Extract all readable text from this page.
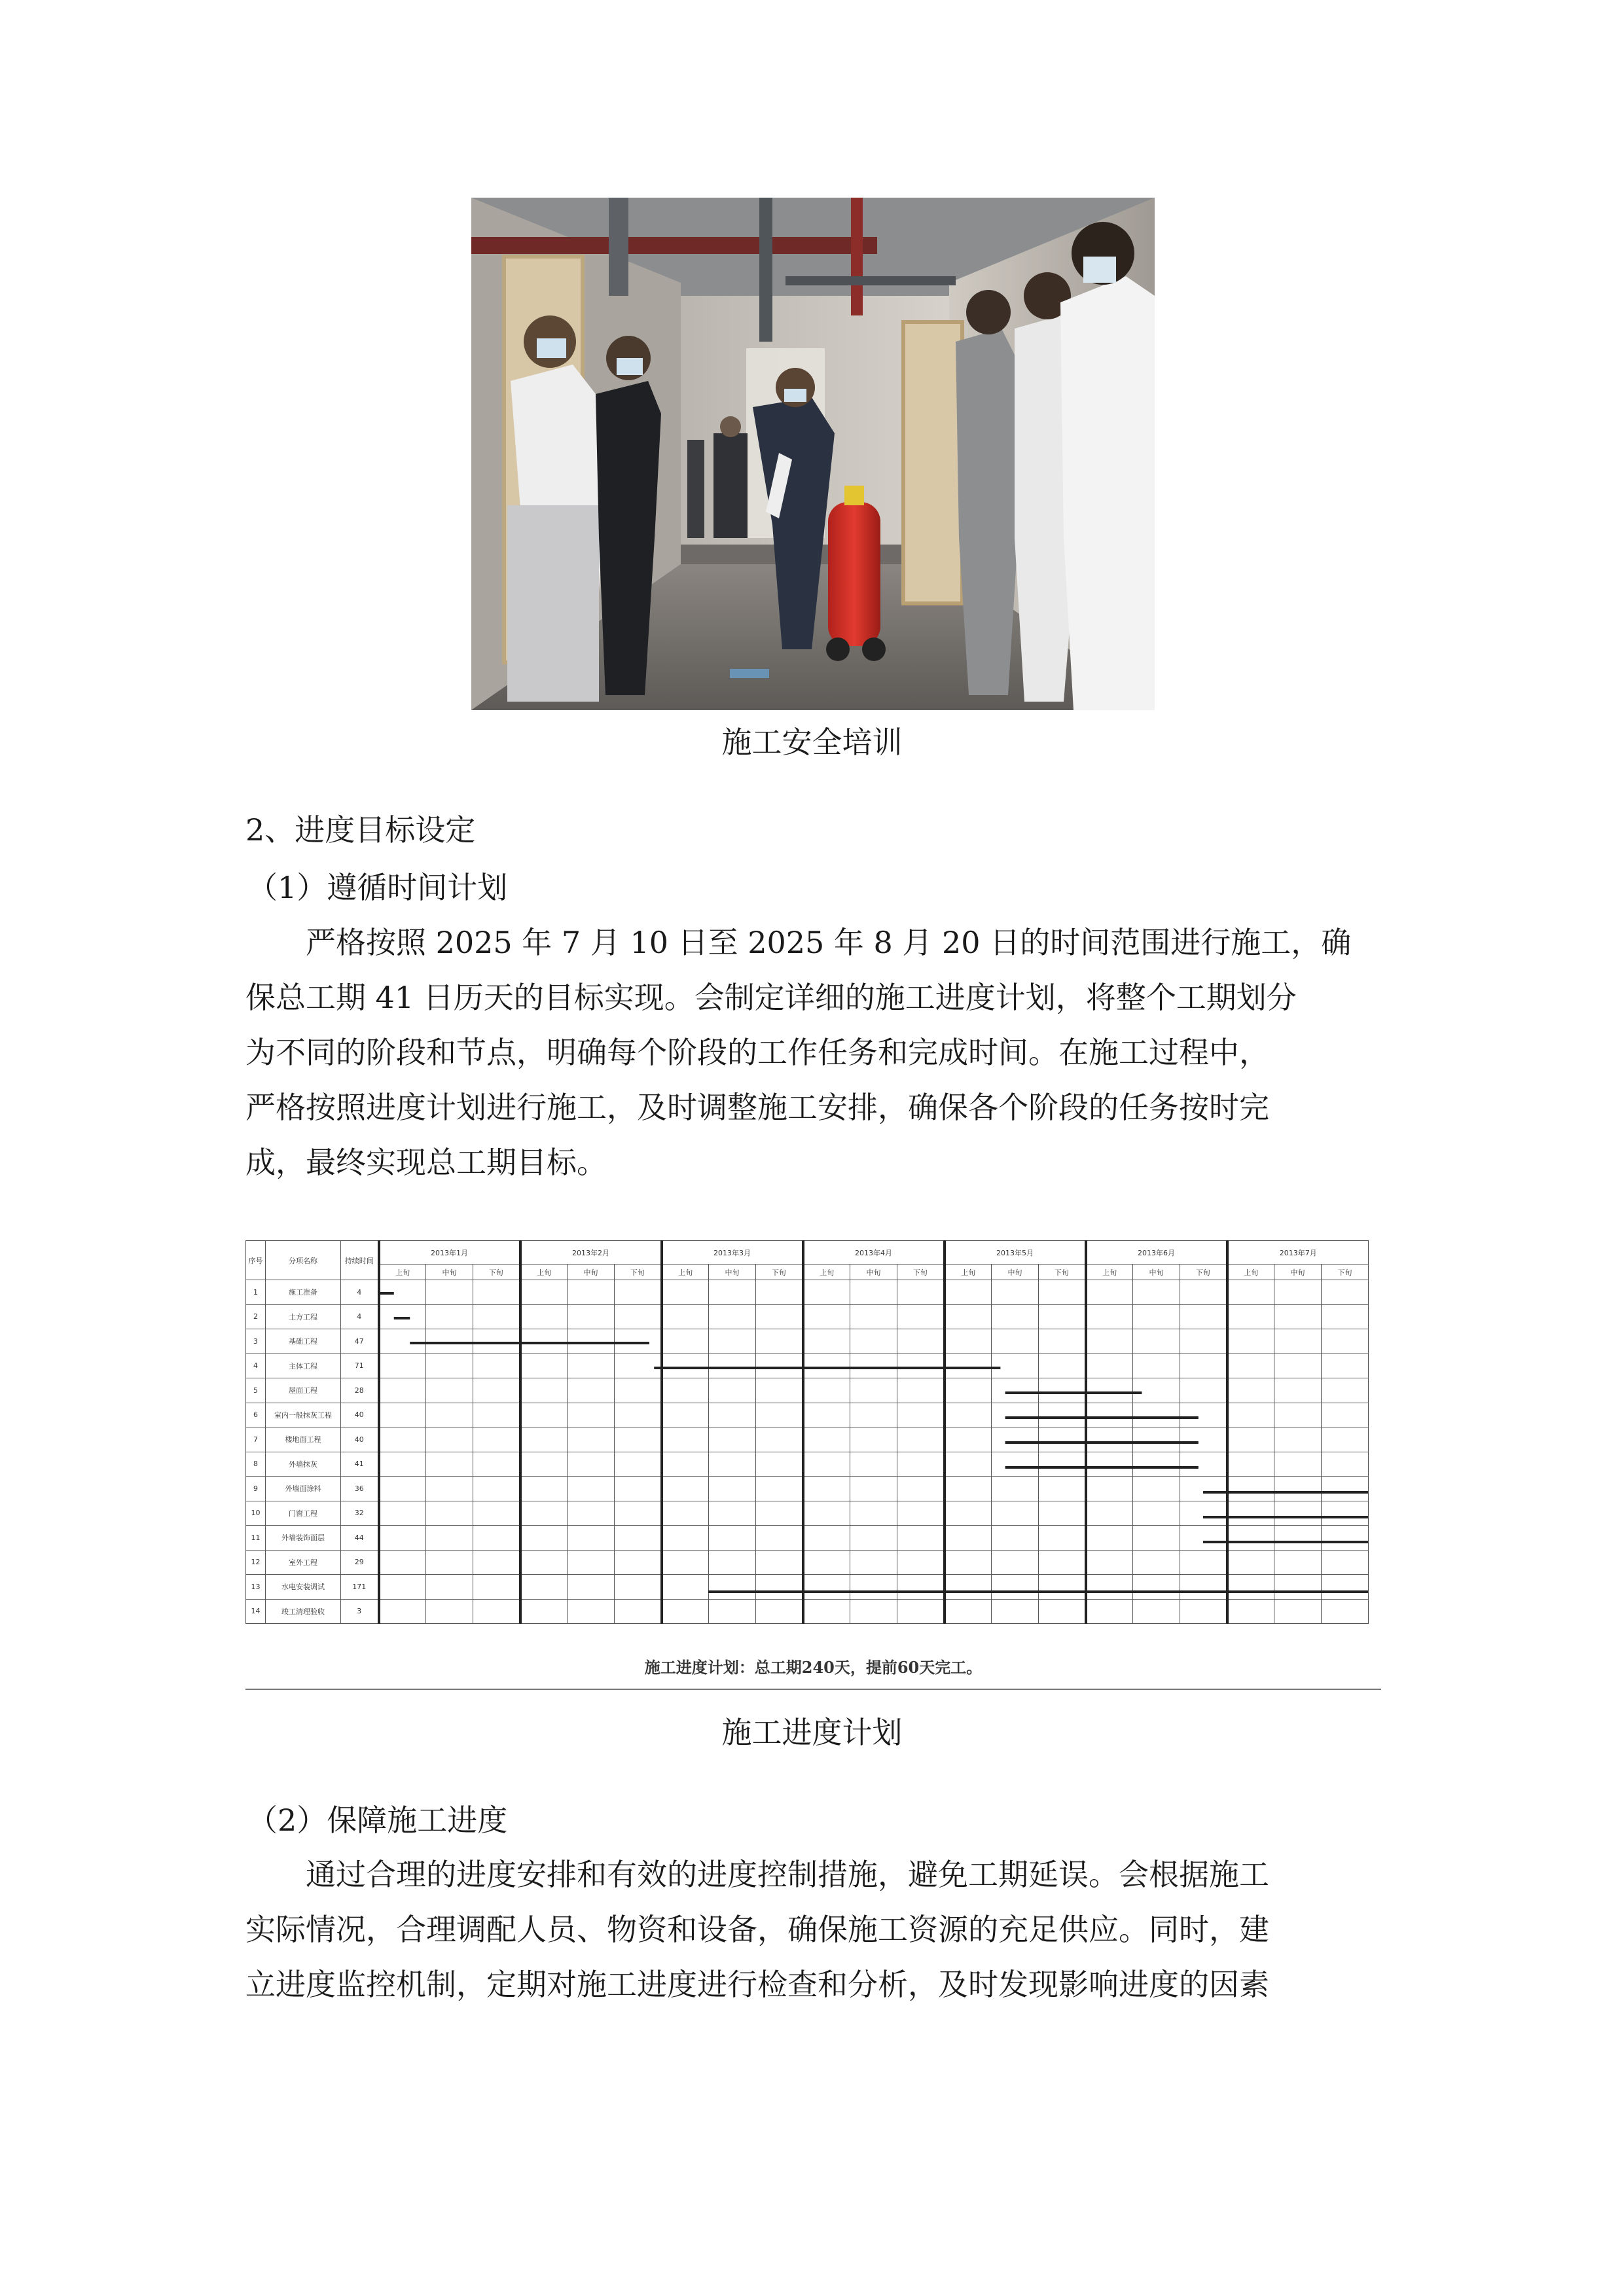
施工安全培训
2、进度目标设定
（1）遵循时间计划
严格按照 2025 年 7 月 10 日至 2025 年 8 月 20 日的时间范围进行施工，确
保总工期 41 日历天的目标实现。会制定详细的施工进度计划，将整个工期划分
为不同的阶段和节点，明确每个阶段的工作任务和完成时间。在施工过程中，
严格按照进度计划进行施工，及时调整施工安排，确保各个阶段的任务按时完
成，最终实现总工期目标。
序号	分项名称	持续时间	2013年1月			2013年2月			2013年3月			2013年4月			2013年5月			2013年6月			2013年7月		
			上旬	中旬	下旬	上旬	中旬	下旬	上旬	中旬	下旬	上旬	中旬	下旬	上旬	中旬	下旬	上旬	中旬	下旬	上旬	中旬	下旬
1	施工准备	4																					
2	土方工程	4																					
3	基础工程	47																					
4	主体工程	71																					
5	屋面工程	28																					
6	室内一般抹灰工程	40																					
7	楼地面工程	40																					
8	外墙抹灰	41																					
9	外墙面涂料	36																					
10	门窗工程	32																					
11	外墙装饰面层	44																					
12	室外工程	29																					
13	水电安装调试	171																					
14	竣工清理验收	3																					
施工进度计划：总工期240天，提前60天完工。
施工进度计划
（2）保障施工进度
通过合理的进度安排和有效的进度控制措施，避免工期延误。会根据施工
实际情况，合理调配人员、物资和设备，确保施工资源的充足供应。同时，建
立进度监控机制，定期对施工进度进行检查和分析，及时发现影响进度的因素
